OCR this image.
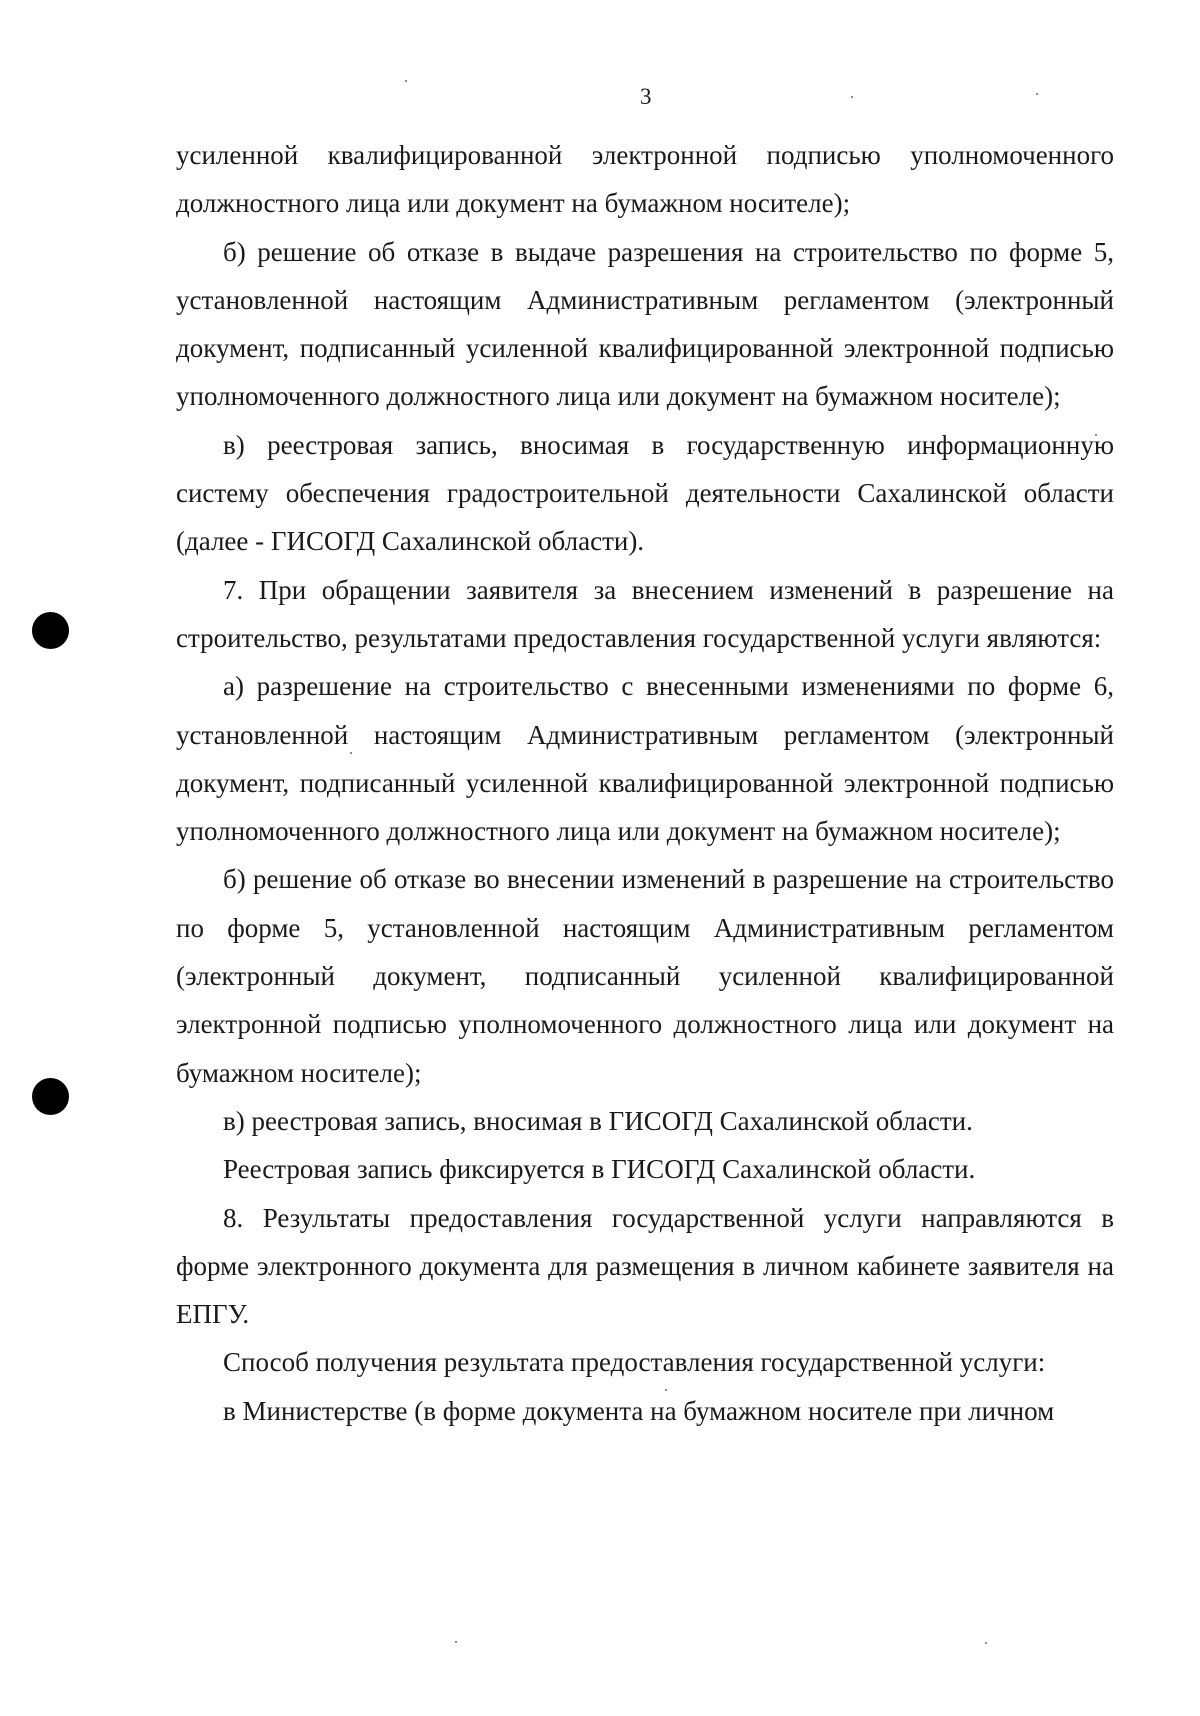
3

усиленной квалифицированной электронной подписью уполномоченного должностного лица или документ на бумажном носителе);

б) решение об отказе в выдаче разрешения на строительство по форме 5, установленной настоящим Административным регламентом (электронный документ, подписанный усиленной квалифицированной электронной подписью уполномоченного должностного лица или документ на бумажном носителе);

в) реестровая запись, вносимая в государственную информационную систему обеспечения градостроительной деятельности Сахалинской области (далее - ГИСОГД Сахалинской области).

7. При обращении заявителя за внесением изменений в разрешение на строительство, результатами предоставления государственной услуги являются:

а) разрешение на строительство с внесенными изменениями по форме 6, установленной настоящим Административным регламентом (электронный документ, подписанный усиленной квалифицированной электронной подписью уполномоченного должностного лица или документ на бумажном носителе);

б) решение об отказе во внесении изменений в разрешение на строительство по форме 5, установленной настоящим Административным регламентом (электронный документ, подписанный усиленной квалифицированной электронной подписью уполномоченного должностного лица или документ на бумажном носителе);

в) реестровая запись, вносимая в ГИСОГД Сахалинской области.

Реестровая запись фиксируется в ГИСОГД Сахалинской области.

8. Результаты предоставления государственной услуги направляются в форме электронного документа для размещения в личном кабинете заявителя на ЕПГУ.

Способ получения результата предоставления государственной услуги:

в Министерстве (в форме документа на бумажном носителе при личном
